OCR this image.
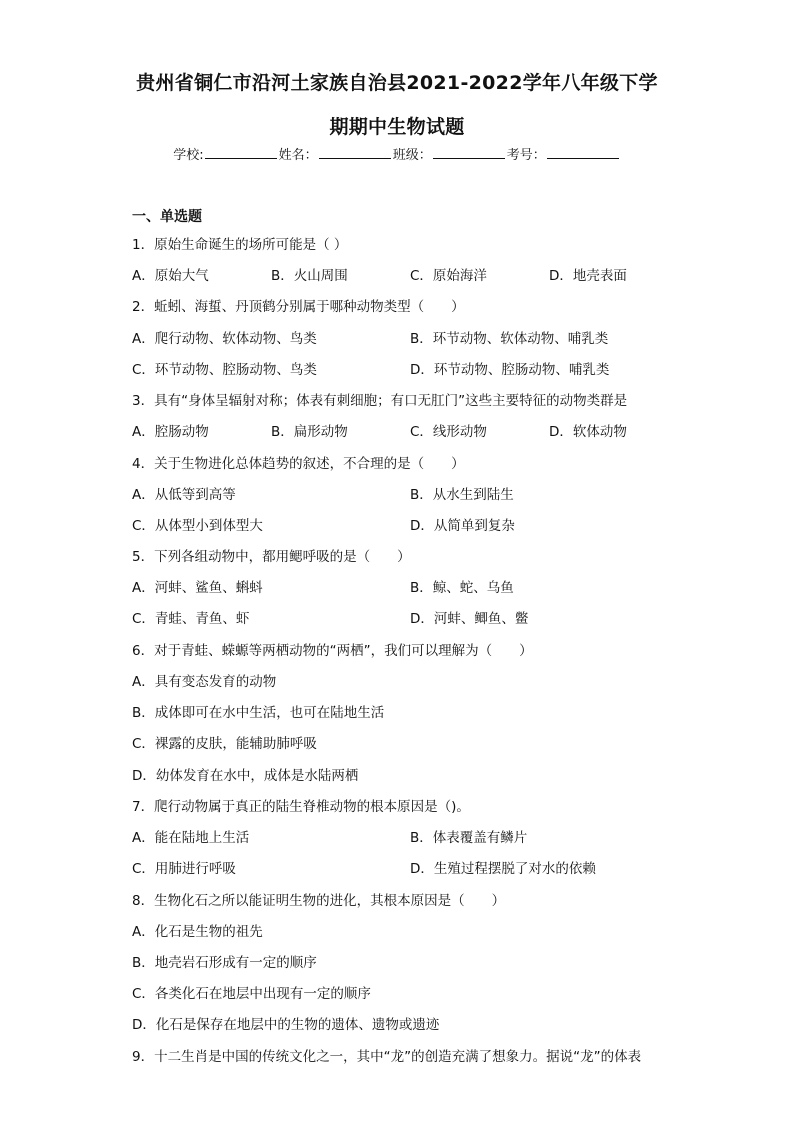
贵州省铜仁市沿河土家族自治县2021-2022学年八年级下学
期期中生物试题
学校:	姓名：	班级：	考号：
一、单选题
1．原始生命诞生的场所可能是（ ）
A．原始大气	B．火山周围	C．原始海洋	D．地壳表面
2．蚯蚓、海蜇、丹顶鹤分别属于哪种动物类型（　　）
A．爬行动物、软体动物、鸟类	B．环节动物、软体动物、哺乳类
C．环节动物、腔肠动物、鸟类	D．环节动物、腔肠动物、哺乳类
3．具有“身体呈辐射对称；体表有刺细胞；有口无肛门”这些主要特征的动物类群是
A．腔肠动物	B．扁形动物	C．线形动物	D．软体动物
4．关于生物进化总体趋势的叙述，不合理的是（　　）
A．从低等到高等	B．从水生到陆生
C．从体型小到体型大	D．从简单到复杂
5．下列各组动物中，都用鳃呼吸的是（　　）
A．河蚌、鲨鱼、蝌蚪	B．鲸、蛇、乌鱼
C．青蛙、青鱼、虾	D．河蚌、鲫鱼、鳖
6．对于青蛙、蝾螈等两栖动物的“两栖”，我们可以理解为（　　）
A．具有变态发育的动物
B．成体即可在水中生活，也可在陆地生活
C．裸露的皮肤，能辅助肺呼吸
D．幼体发育在水中，成体是水陆两栖
7．爬行动物属于真正的陆生脊椎动物的根本原因是（)。
A．能在陆地上生活	B．体表覆盖有鳞片
C．用肺进行呼吸	D．生殖过程摆脱了对水的依赖
8．生物化石之所以能证明生物的进化，其根本原因是（　　）
A．化石是生物的祖先
B．地壳岩石形成有一定的顺序
C．各类化石在地层中出现有一定的顺序
D．化石是保存在地层中的生物的遗体、遗物或遗迹
9．十二生肖是中国的传统文化之一，其中“龙”的创造充满了想象力。据说“龙”的体表
